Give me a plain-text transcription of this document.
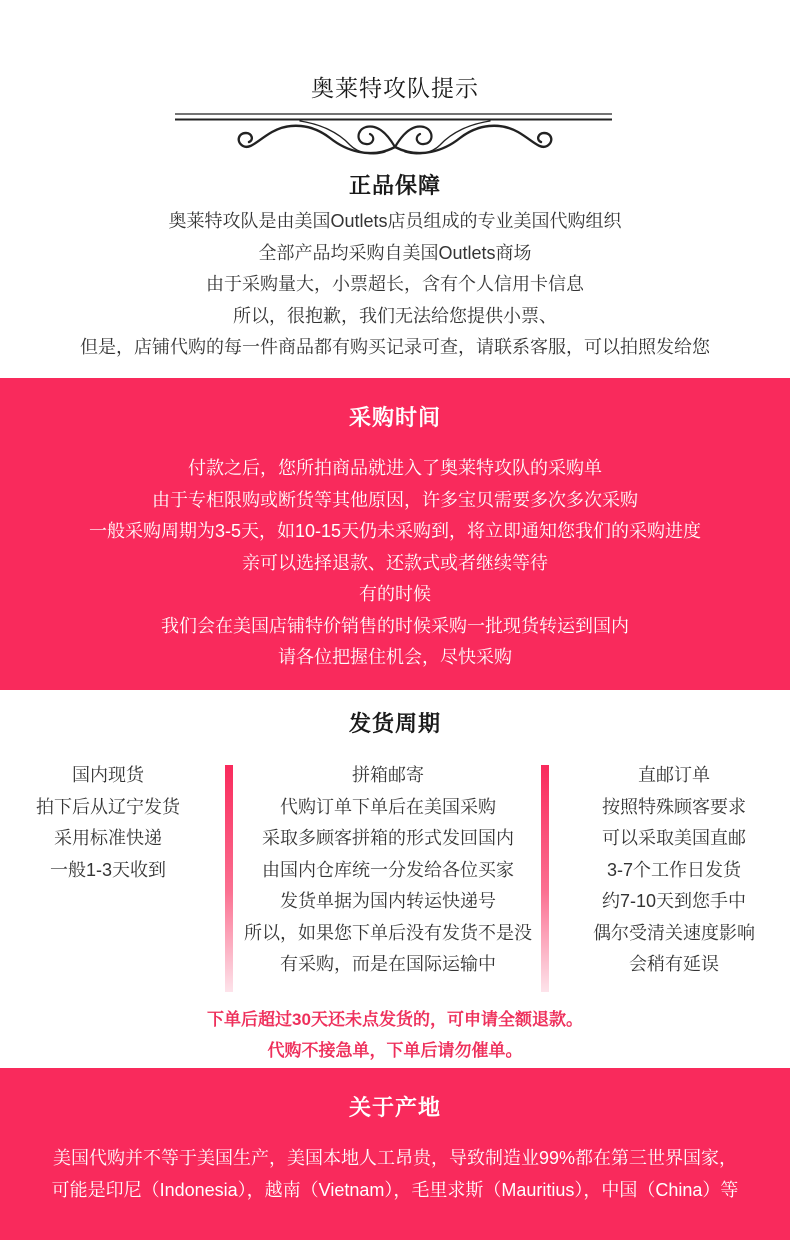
奥莱特攻队提示
正品保障
奥莱特攻队是由美国Outlets店员组成的专业美国代购组织
全部产品均采购自美国Outlets商场
由于采购量大，小票超长，含有个人信用卡信息
所以，很抱歉，我们无法给您提供小票、
但是，店铺代购的每一件商品都有购买记录可查，请联系客服，可以拍照发给您
采购时间
付款之后，您所拍商品就进入了奥莱特攻队的采购单
由于专柜限购或断货等其他原因，许多宝贝需要多次多次采购
一般采购周期为3-5天，如10-15天仍未采购到，将立即通知您我们的采购进度
亲可以选择退款、还款式或者继续等待
有的时候
我们会在美国店铺特价销售的时候采购一批现货转运到国内
请各位把握住机会，尽快采购
发货周期
国内现货
拍下后从辽宁发货
采用标准快递
一般1-3天收到
拼箱邮寄
代购订单下单后在美国采购
采取多顾客拼箱的形式发回国内
由国内仓库统一分发给各位买家
发货单据为国内转运快递号
所以，如果您下单后没有发货不是没
有采购，而是在国际运输中
直邮订单
按照特殊顾客要求
可以采取美国直邮
3-7个工作日发货
约7-10天到您手中
偶尔受清关速度影响
会稍有延误
下单后超过30天还未点发货的，可申请全额退款。
代购不接急单，下单后请勿催单。
关于产地
美国代购并不等于美国生产，美国本地人工昂贵，导致制造业99%都在第三世界国家，
可能是印尼（Indonesia），越南（Vietnam），毛里求斯（Mauritius），中国（China）等
